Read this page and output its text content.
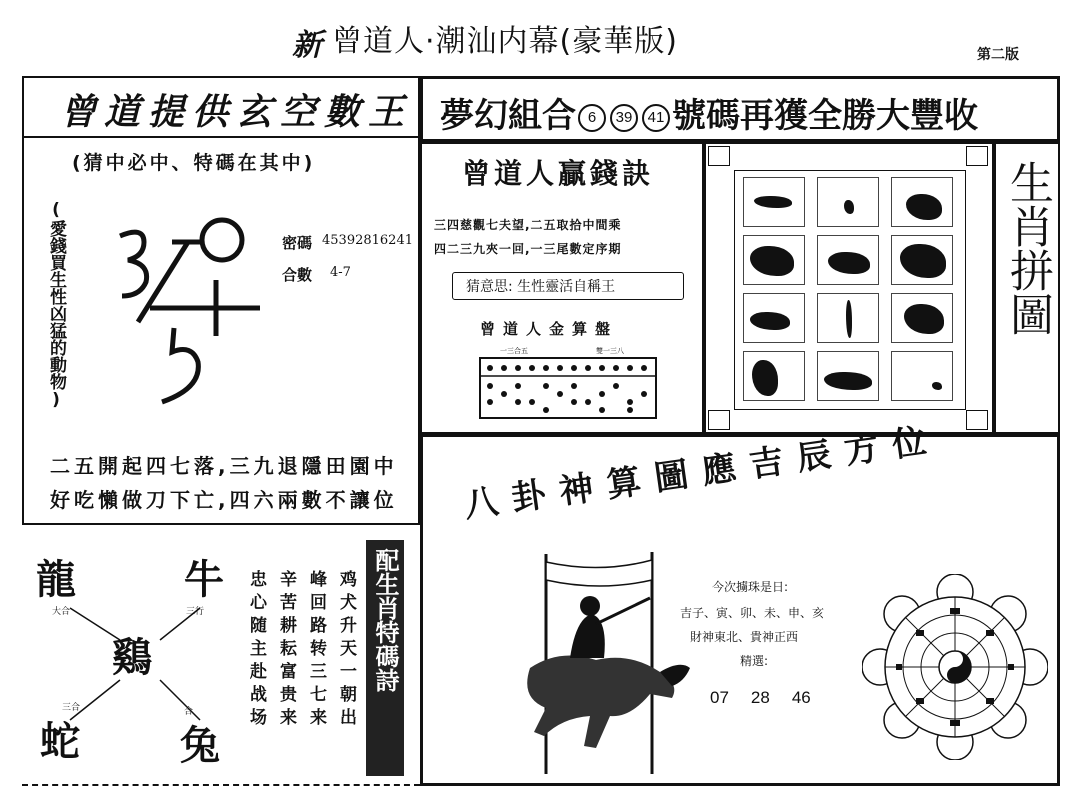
新 曾道人·潮汕内幕(豪華版)	第二版
曾道提供玄空數王
(猜中必中、特碼在其中)
(愛錢買生性凶猛的動物)	密碼 45392816241
合數 4-7
二五開起四七落,三九退隱田園中
好吃懶做刀下亡,四六兩數不讓位
龍	牛
鷄
蛇	兔
大合	三行
三合	合	鸡犬升天一朝出
峰回路转三七来
辛苦耕耘富贵来
忠心随主赴战场	配生肖特碼詩
夢幻組合 6 39 41 號碼再獲全勝大豐收
曾道人贏錢訣
三四慈觀七夫望,二五取拾中間乘
四二三九夾一回,一三尾數定序期
猜意思: 生性靈活自稱王
曾道人金算盤
一三合五	雙一三八
生肖拼圖
八卦神算圖應吉辰方位
今次擄珠是日:
吉子、寅、卯、未、申、亥
財神東北、貴神正西
精選:
07 28 46
